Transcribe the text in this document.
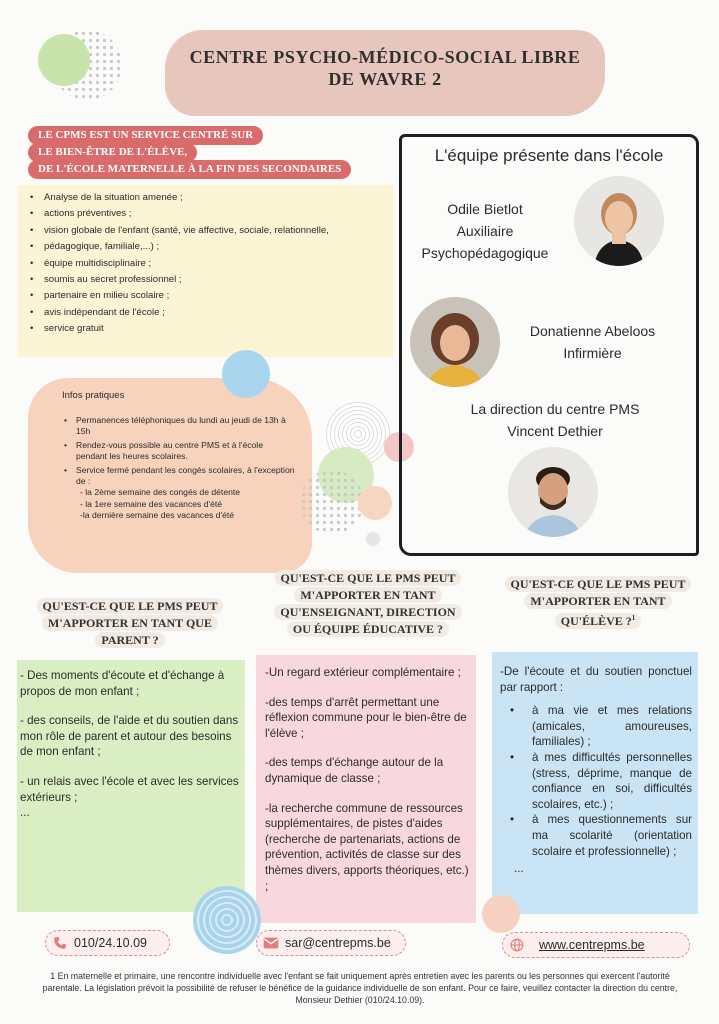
CENTRE PSYCHO-MÉDICO-SOCIAL LIBRE
DE WAVRE 2
LE CPMS EST UN SERVICE CENTRÉ SUR
LE BIEN-ÊTRE DE L'ÉLÈVE,
DE L'ÉCOLE MATERNELLE À LA FIN DES SECONDAIRES
• Analyse de la situation amenée ;
• actions préventives ;
• vision globale de l'enfant (santé, vie affective, sociale, relationnelle,
• pédagogique, familiale,...) ;
• équipe multidisciplinaire ;
• soumis au secret professionnel ;
• partenaire en milieu scolaire ;
• avis indépendant de l'école ;
• service gratuit
Infos pratiques
• Permanences téléphoniques du lundi au jeudi de 13h à 15h
• Rendez-vous possible au centre PMS et à l'école pendant les heures scolaires.
• Service fermé pendant les congés scolaires, à l'exception de :
- la 2ème semaine des congés de détente
- la 1ere semaine des vacances d'été
-la dernière semaine des vacances d'été
L'équipe présente dans l'école
Odile Bietlot
Auxiliaire
Psychopédagogique
Donatienne Abeloos
Infirmière
La direction du centre PMS
Vincent Dethier
QU'EST-CE QUE LE PMS PEUT
M'APPORTER EN TANT QUE
PARENT ?
QU'EST-CE QUE LE PMS PEUT
M'APPORTER EN TANT
QU'ENSEIGNANT, DIRECTION
OU ÉQUIPE ÉDUCATIVE ?
QU'EST-CE QUE LE PMS PEUT
M'APPORTER EN TANT
QU'ÉLÈVE ?$^1$

- Des moments d'écoute et d'échange à propos de mon enfant ;

- des conseils, de l'aide et du soutien dans mon rôle de parent et autour des besoins de mon enfant ;

- un relais avec l'école et avec les services extérieurs ;

...

-Un regard extérieur complémentaire ;

-des temps d'arrêt permettant une réflexion commune pour le bien-être de l'élève ;

-des temps d'échange autour de la dynamique de classe ;

-la recherche commune de ressources supplémentaires, de pistes d'aides (recherche de partenariats, actions de prévention, activités de classe sur des thèmes divers, apports théoriques, etc.) ;

-De l'écoute et du soutien ponctuel par rapport :

• à ma vie et mes relations (amicales, amoureuses, familiales) ;
• à mes difficultés personnelles (stress, déprime, manque de confiance en soi, difficultés scolaires, etc.) ;
• à mes questionnements sur ma scolarité (orientation scolaire et professionnelle) ;

...

010/24.10.09	sar@centrepms.be	www.centrepms.be
1 En maternelle et primaire, une rencontre individuelle avec l'enfant se fait uniquement après entretien avec les parents ou les personnes qui exercent l'autorité parentale. La législation prévoit la possibilité de refuser le bénéfice de la guidance individuelle de son enfant. Pour ce faire, veuillez contacter la direction du centre, Monsieur Dethier (010/24.10.09).
